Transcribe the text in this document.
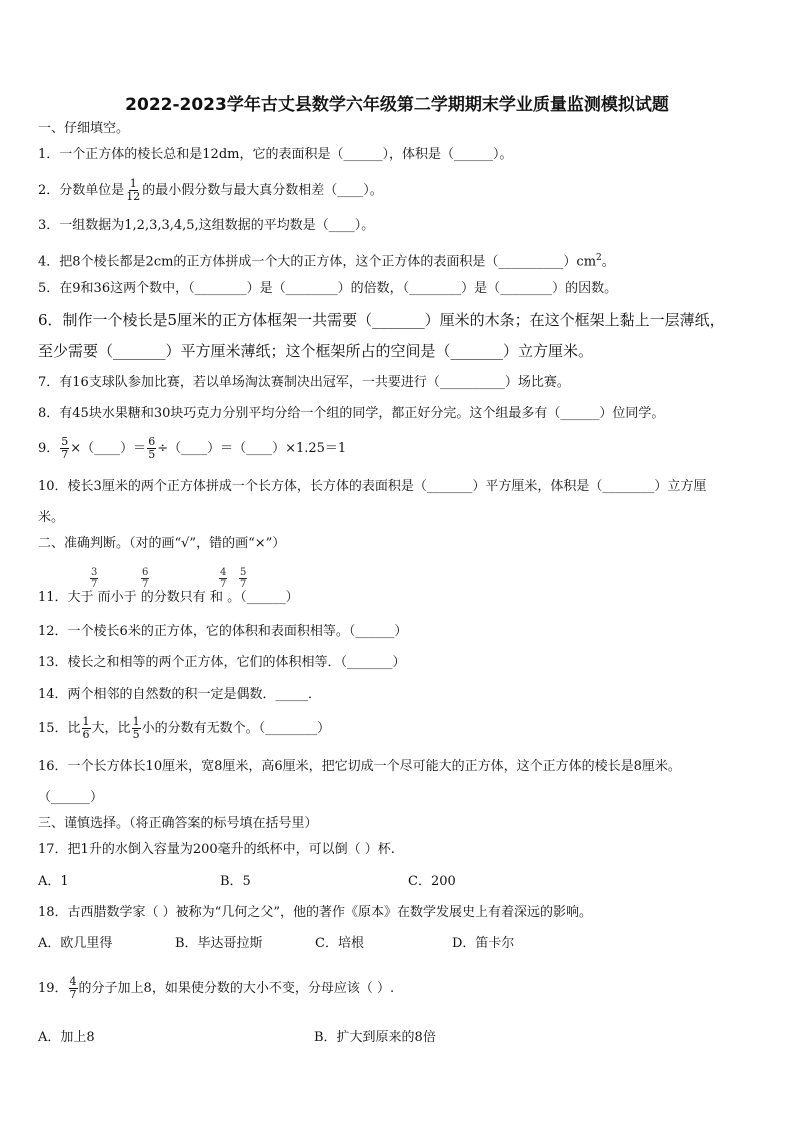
2022-2023学年古丈县数学六年级第二学期期末学业质量监测模拟试题
一、仔细填空。
1．一个正方体的棱长总和是12dm，它的表面积是（______），体积是（______）。
2．分数单位是 $\frac{1}{12}$ 的最小假分数与最大真分数相差（____）。
3．一组数据为1,2,3,3,4,5,这组数据的平均数是（____）。
4．把8个棱长都是2cm的正方体拼成一个大的正方体，这个正方体的表面积是$(\_\_\_\_\_\_\_\_\_\_)cm^2$。
5．在9和36这两个数中，（________）是（________）的倍数，（________）是（________）的因数。
6．制作一个棱长是5厘米的正方体框架一共需要（_______）厘米的木条；在这个框架上黏上一层薄纸，
至少需要（_______）平方厘米薄纸；这个框架所占的空间是（_______）立方厘米。
7．有16支球队参加比赛，若以单场淘汰赛制决出冠军，一共要进行（__________）场比赛。
8．有45块水果糖和30块巧克力分别平均分给一个组的同学，都正好分完。这个组最多有（______）位同学。
9． $\frac{5}{7}$ ×（____）＝ $\frac{6}{5}$ ÷（____）＝（____）×1.25＝1
10．棱长3厘米的两个正方体拼成一个长方体，长方体的表面积是（_______）平方厘米，体积是（________）立方厘
米。
二、准确判断。（对的画“√”，错的画“×”）
$\frac{3}{7}$	$\frac{6}{7}$	$\frac{4}{7} \frac{5}{7}$
11．大于 而小于 的分数只有 和 。（______）
12．一个棱长6米的正方体，它的体积和表面积相等。（______）
13．棱长之和相等的两个正方体，它们的体积相等．（_______）
14．两个相邻的自然数的积一定是偶数．_____．
15．比 $\frac{1}{6}$ 大，比 $\frac{1}{5}$ 小的分数有无数个。（________）
16．一个长方体长10厘米，宽8厘米，高6厘米，把它切成一个尽可能大的正方体，这个正方体的棱长是8厘米。
（______）
三、谨慎选择。（将正确答案的标号填在括号里）
17．把1升的水倒入容量为200毫升的纸杯中，可以倒（ ）杯.
A．1	B．5	C．200
18．古西腊数学家（ ）被称为“几何之父”，他的著作《原本》在数学发展史上有着深远的影响。
A．欧几里得	B．毕达哥拉斯	C．培根	D．笛卡尔
19． $\frac{4}{7}$ 的分子加上8，如果使分数的大小不变，分母应该（ ）.
A．加上8	B．扩大到原来的8倍
